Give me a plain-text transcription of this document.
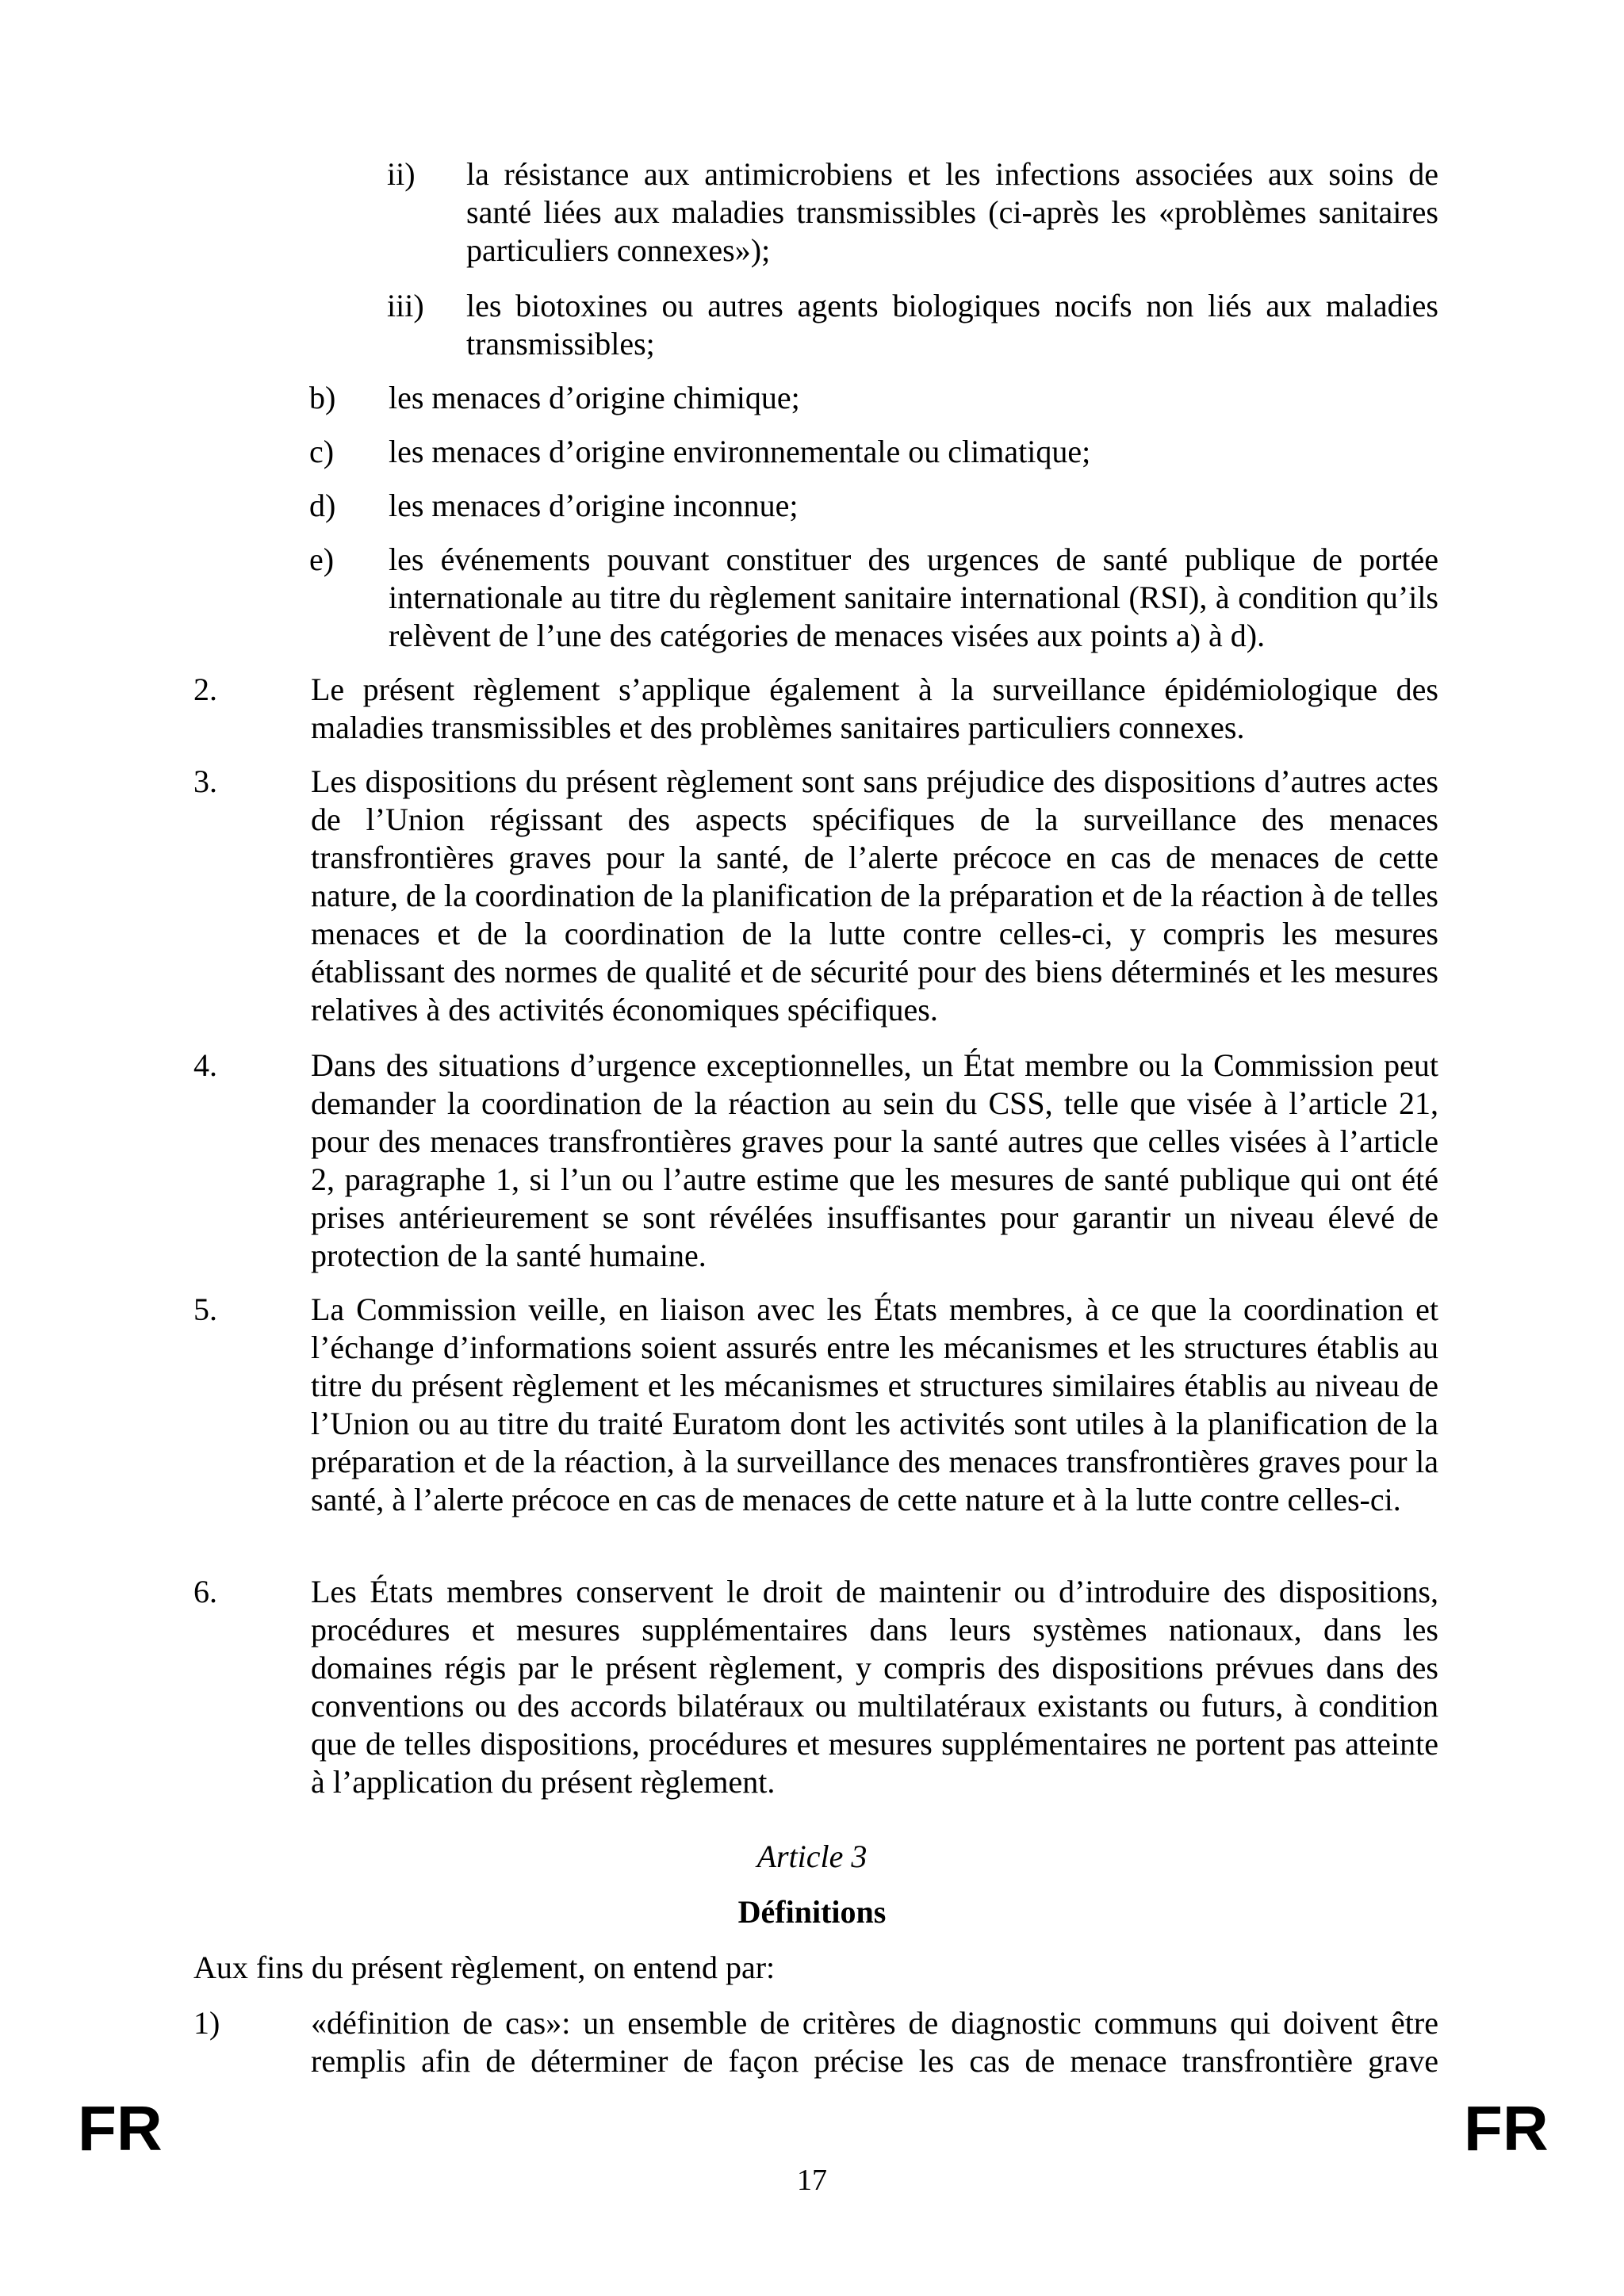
ii) la résistance aux antimicrobiens et les infections associées aux soins de santé liées aux maladies transmissibles (ci-après les «problèmes sanitaires particuliers connexes»);
iii) les biotoxines ou autres agents biologiques nocifs non liés aux maladies transmissibles;
b) les menaces d’origine chimique;
c) les menaces d’origine environnementale ou climatique;
d) les menaces d’origine inconnue;
e) les événements pouvant constituer des urgences de santé publique de portée internationale au titre du règlement sanitaire international (RSI), à condition qu’ils relèvent de l’une des catégories de menaces visées aux points a) à d).
2.	Le présent règlement s’applique également à la surveillance épidémiologique des maladies transmissibles et des problèmes sanitaires particuliers connexes.
3.	Les dispositions du présent règlement sont sans préjudice des dispositions d’autres actes de l’Union régissant des aspects spécifiques de la surveillance des menaces transfrontières graves pour la santé, de l’alerte précoce en cas de menaces de cette nature, de la coordination de la planification de la préparation et de la réaction à de telles menaces et de la coordination de la lutte contre celles-ci, y compris les mesures établissant des normes de qualité et de sécurité pour des biens déterminés et les mesures relatives à des activités économiques spécifiques.
4.	Dans des situations d’urgence exceptionnelles, un État membre ou la Commission peut demander la coordination de la réaction au sein du CSS, telle que visée à l’article 21, pour des menaces transfrontières graves pour la santé autres que celles visées à l’article 2, paragraphe 1, si l’un ou l’autre estime que les mesures de santé publique qui ont été prises antérieurement se sont révélées insuffisantes pour garantir un niveau élevé de protection de la santé humaine.
5.	La Commission veille, en liaison avec les États membres, à ce que la coordination et l’échange d’informations soient assurés entre les mécanismes et les structures établis au titre du présent règlement et les mécanismes et structures similaires établis au niveau de l’Union ou au titre du traité Euratom dont les activités sont utiles à la planification de la préparation et de la réaction, à la surveillance des menaces transfrontières graves pour la santé, à l’alerte précoce en cas de menaces de cette nature et à la lutte contre celles-ci.
6.	Les États membres conservent le droit de maintenir ou d’introduire des dispositions, procédures et mesures supplémentaires dans leurs systèmes nationaux, dans les domaines régis par le présent règlement, y compris des dispositions prévues dans des conventions ou des accords bilatéraux ou multilatéraux existants ou futurs, à condition que de telles dispositions, procédures et mesures supplémentaires ne portent pas atteinte à l’application du présent règlement.
Article 3
Définitions
Aux fins du présent règlement, on entend par:
1)	«définition de cas»: un ensemble de critères de diagnostic communs qui doivent être remplis afin de déterminer de façon précise les cas de menace transfrontière grave
FR
17
FR
